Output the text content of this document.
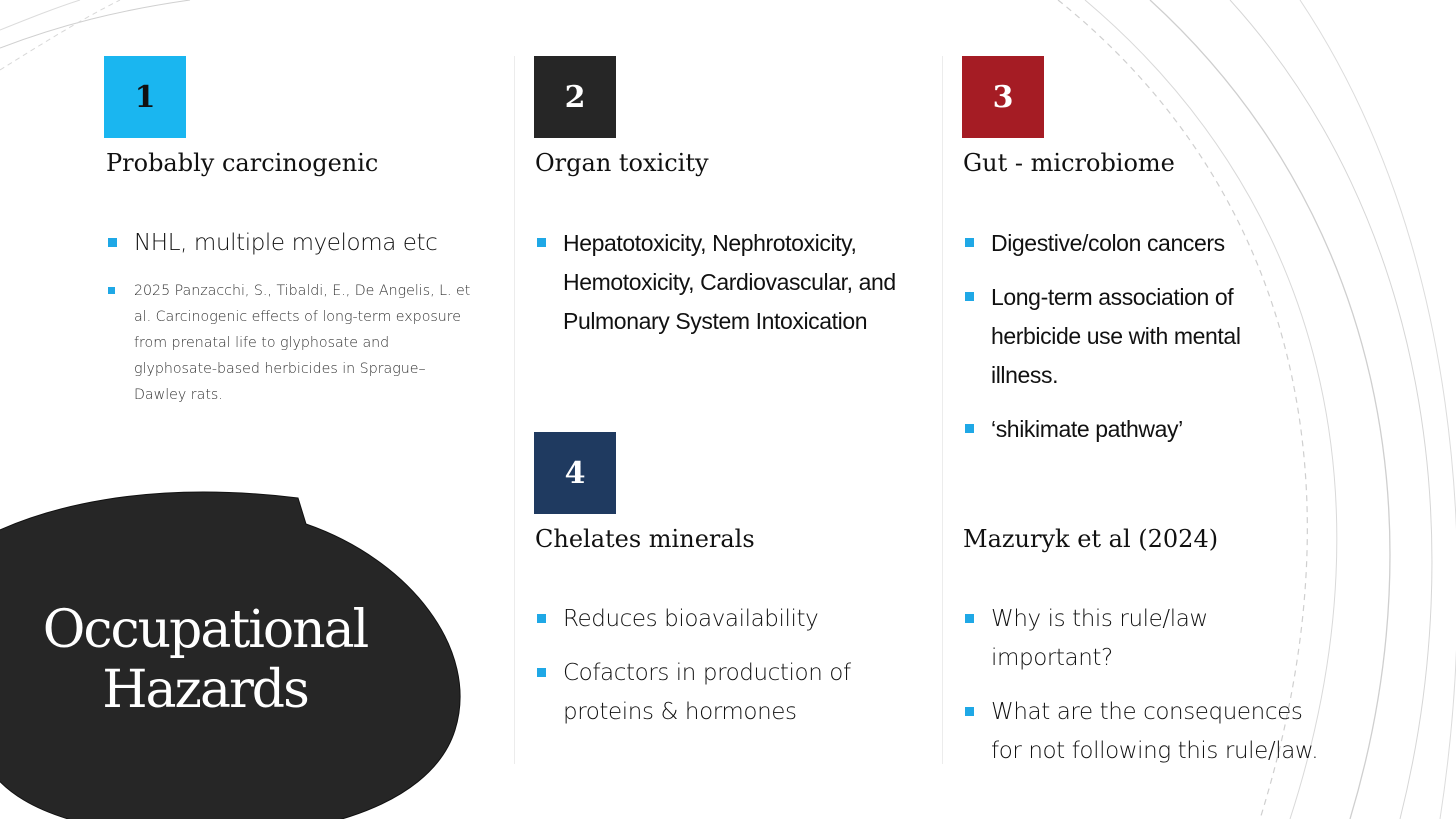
1
Probably carcinogenic
NHL, multiple myeloma etc
2025 Panzacchi, S., Tibaldi, E., De Angelis, L. et al. Carcinogenic effects of long-term exposure from prenatal life to glyphosate and glyphosate-based herbicides in Sprague–Dawley rats.
2
Organ toxicity
Hepatotoxicity, Nephrotoxicity, Hemotoxicity, Cardiovascular, and Pulmonary System Intoxication
3
Gut - microbiome
Digestive/colon cancers
Long-term association of herbicide use with mental illness.
‘shikimate pathway’
4
Chelates minerals
Reduces bioavailability
Cofactors in production of proteins & hormones
Mazuryk et al (2024)
Why is this rule/law important?
What are the consequences for not following this rule/law.
Occupational
Hazards
